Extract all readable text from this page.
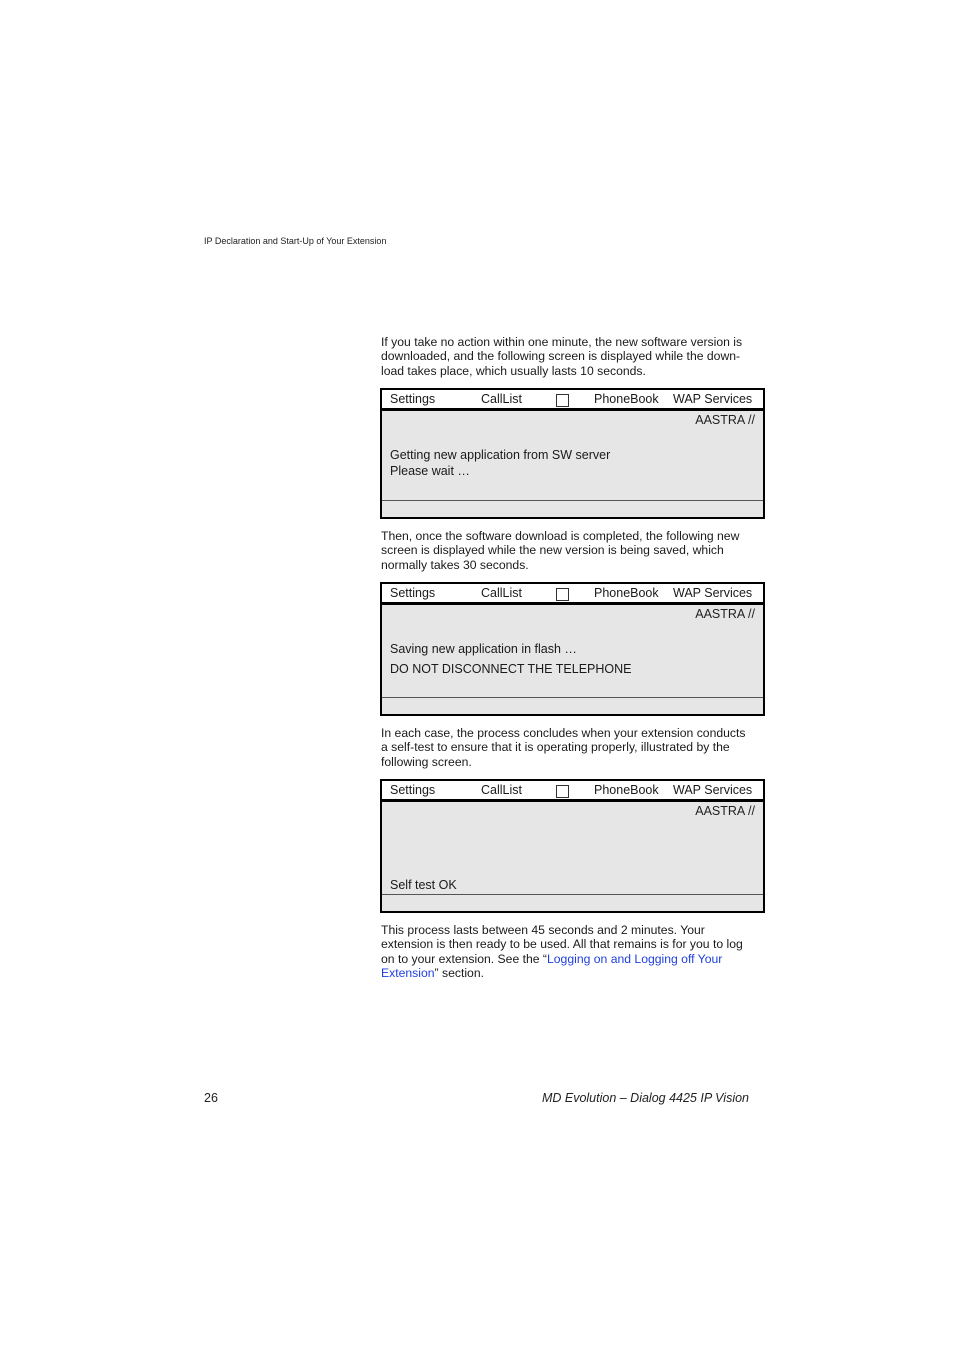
IP Declaration and Start-Up of Your Extension

If you take no action within one minute, the new software version is downloaded, and the following screen is displayed while the down-load takes place, which usually lasts 10 seconds.

Settings	CallList	PhoneBook WAP Services
AASTRA //
Getting new application from SW server
Please wait …

Then, once the software download is completed, the following new screen is displayed while the new version is being saved, which normally takes 30 seconds.

Settings	CallList	PhoneBook WAP Services
AASTRA //
Saving new application in flash …
DO NOT DISCONNECT THE TELEPHONE

In each case, the process concludes when your extension conducts a self-test to ensure that it is operating properly, illustrated by the following screen.

Settings	CallList	PhoneBook WAP Services
AASTRA //
Self test OK

This process lasts between 45 seconds and 2 minutes. Your extension is then ready to be used. All that remains is for you to log on to your extension. See the “Logging on and Logging off Your Extension” section.

26	MD Evolution – Dialog 4425 IP Vision
